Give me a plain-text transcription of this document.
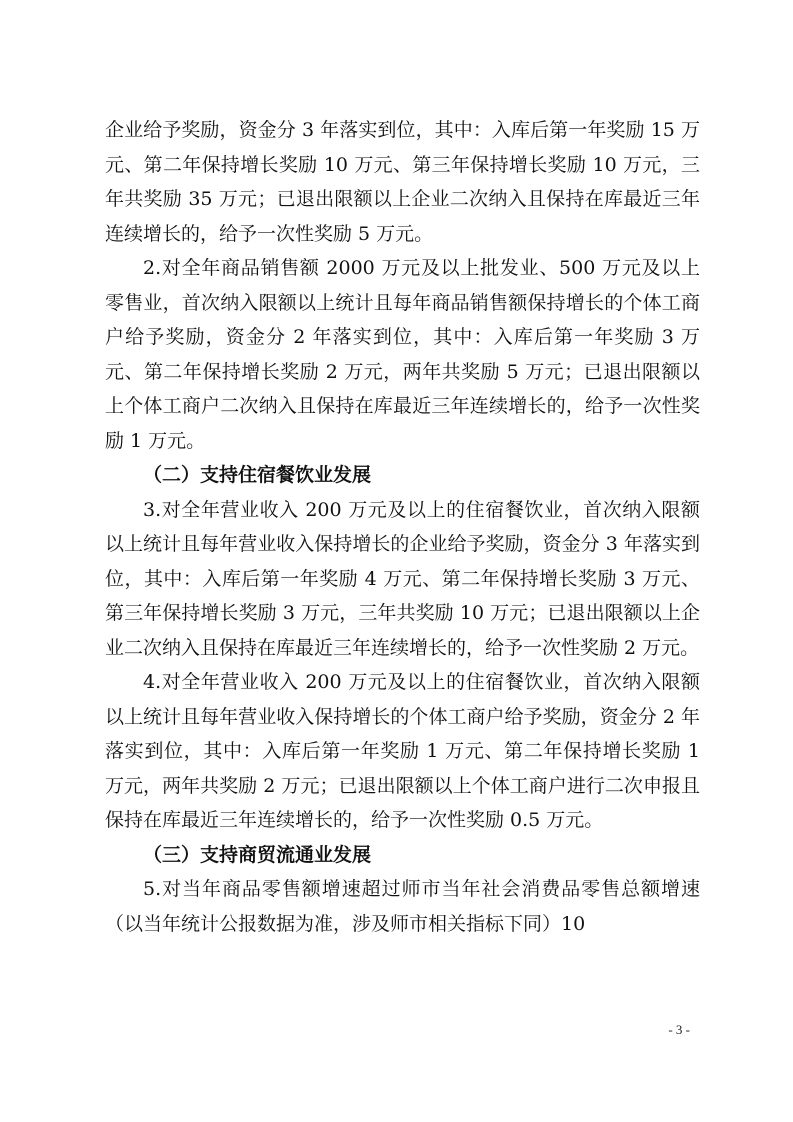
企业给予奖励，资金分 3 年落实到位，其中：入库后第一年奖励 15 万元、第二年保持增长奖励 10 万元、第三年保持增长奖励 10 万元，三年共奖励 35 万元；已退出限额以上企业二次纳入且保持在库最近三年连续增长的，给予一次性奖励 5 万元。

2.对全年商品销售额 2000 万元及以上批发业、500 万元及以上零售业，首次纳入限额以上统计且每年商品销售额保持增长的个体工商户给予奖励，资金分 2 年落实到位，其中：入库后第一年奖励 3 万元、第二年保持增长奖励 2 万元，两年共奖励 5 万元；已退出限额以上个体工商户二次纳入且保持在库最近三年连续增长的，给予一次性奖励 1 万元。

（二）支持住宿餐饮业发展

3.对全年营业收入 200 万元及以上的住宿餐饮业，首次纳入限额以上统计且每年营业收入保持增长的企业给予奖励，资金分 3 年落实到位，其中：入库后第一年奖励 4 万元、第二年保持增长奖励 3 万元、第三年保持增长奖励 3 万元，三年共奖励 10 万元；已退出限额以上企业二次纳入且保持在库最近三年连续增长的，给予一次性奖励 2 万元。

4.对全年营业收入 200 万元及以上的住宿餐饮业，首次纳入限额以上统计且每年营业收入保持增长的个体工商户给予奖励，资金分 2 年落实到位，其中：入库后第一年奖励 1 万元、第二年保持增长奖励 1 万元，两年共奖励 2 万元；已退出限额以上个体工商户进行二次申报且保持在库最近三年连续增长的，给予一次性奖励 0.5 万元。

（三）支持商贸流通业发展

5.对当年商品零售额增速超过师市当年社会消费品零售总额增速（以当年统计公报数据为准，涉及师市相关指标下同）10

- 3 -
